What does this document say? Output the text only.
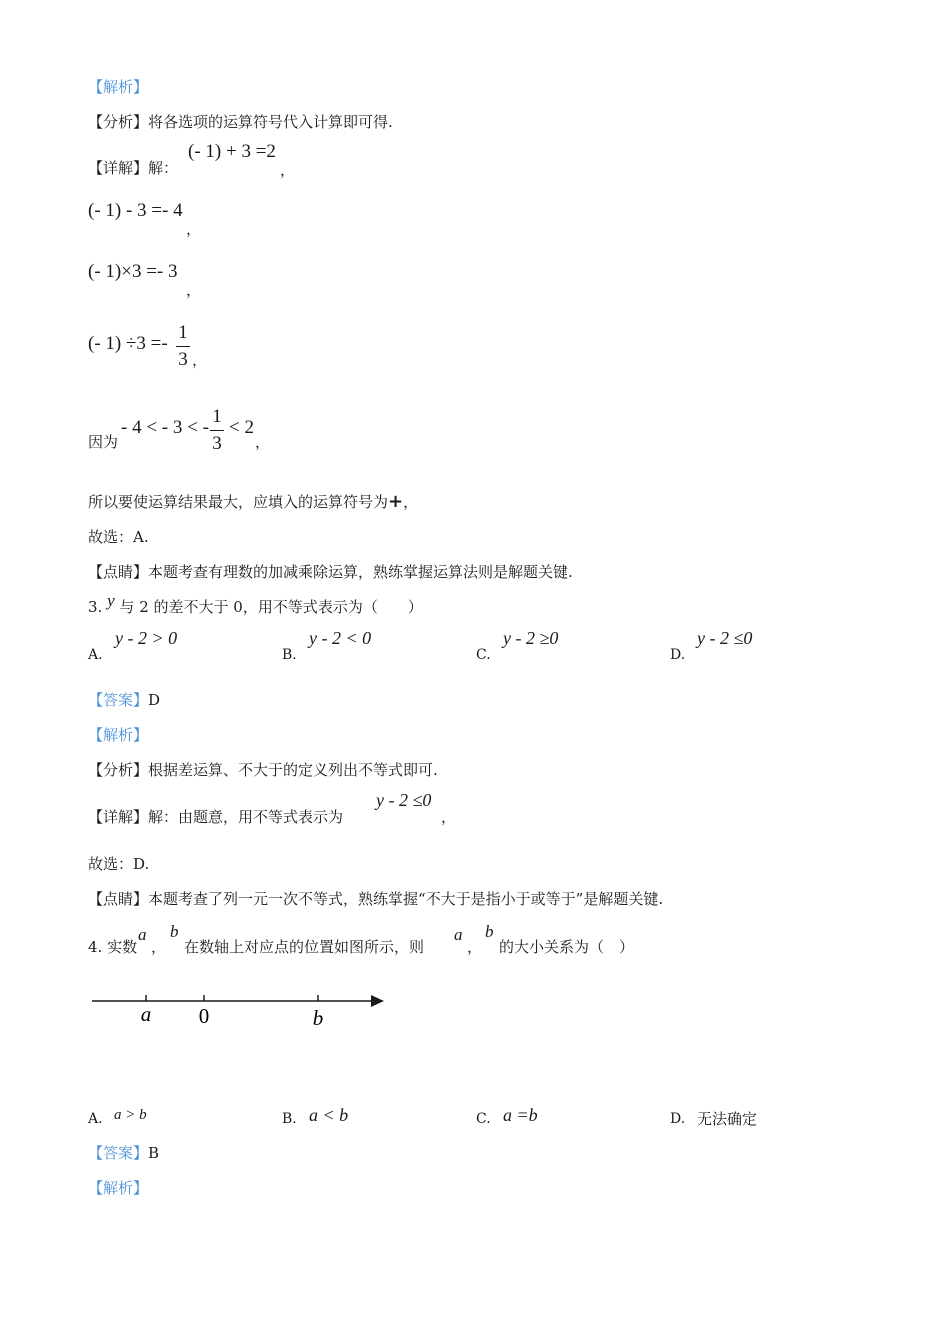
【解析】
【分析】将各选项的运算符号代入计算即可得.
【详解】解：
(- 1) + 3 =2
，
(- 1) - 3 =- 4
，
(- 1)×3 =- 3
，
(- 1) ÷3 =-
1
3 ，
因为
- 4 < - 3 < -
1
3
< 2
，
所以要使运算结果最大，应填入的运算符号为+，
故选：A.
【点睛】本题考查有理数的加减乘除运算，熟练掌握运算法则是解题关键.
3. y 与 2 的差不大于 0，用不等式表示为（　　）
A.
y - 2 > 0
B.
y - 2 < 0
C.
y - 2 ≥0
D.
y - 2 ≤0
【答案】D
【解析】
【分析】根据差运算、不大于的定义列出不等式即可.
【详解】解：由题意，用不等式表示为
y - 2 ≤0
，
故选：D.
【点睛】本题考查了列一元一次不等式，熟练掌握“不大于是指小于或等于”是解题关键.
4. 实数
a
，
b
在数轴上对应点的位置如图所示，则
a
，
b
的大小关系为（　）
a 0	b
A. a > b	B. a < b	C. a =b	D. 无法确定
【答案】B
【解析】
